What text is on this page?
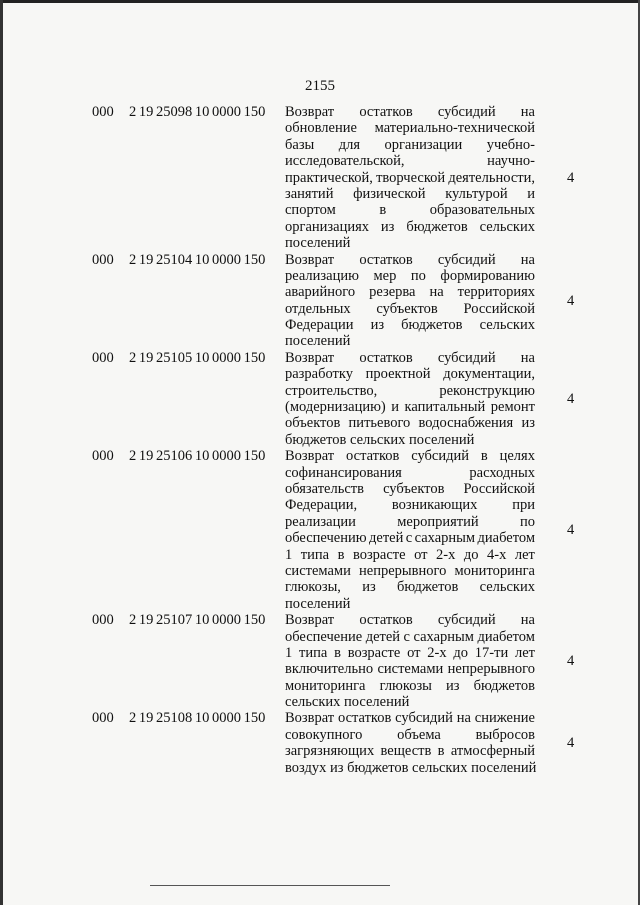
2155
000 2 19 25098 10 0000 150 Возврат остатков субсидий на
обновление материально-технической
базы для организации учебно-
исследовательской,	научно-
практической, творческой деятельности,
занятий физической культурой и
спортом	в	образовательных
организациях из бюджетов сельских
поселений
4
000 2 19 25104 10 0000 150 Возврат остатков субсидий на
реализацию мер по формированию
аварийного резерва на территориях
отдельных субъектов Российской
Федерации из бюджетов сельских
поселений
4
000 2 19 25105 10 0000 150 Возврат остатков субсидий на
разработку проектной документации,
строительство,	реконструкцию
(модернизацию) и капитальный ремонт
объектов питьевого водоснабжения из
бюджетов сельских поселений
4
000 2 19 25106 10 0000 150 Возврат остатков субсидий в целях
софинансирования	расходных
обязательств субъектов Российской
Федерации, возникающих при
реализации	мероприятий	по
обеспечению детей с сахарным диабетом
1 типа в возрасте от 2-х до 4-х лет
системами непрерывного мониторинга
глюкозы, из бюджетов сельских
поселений
4
000 2 19 25107 10 0000 150 Возврат остатков субсидий на
обеспечение детей с сахарным диабетом
1 типа в возрасте от 2-х до 17-ти лет
включительно системами непрерывного
мониторинга глюкозы из бюджетов
сельских поселений
4
000 2 19 25108 10 0000 150 Возврат остатков субсидий на снижение
совокупного объема выбросов
загрязняющих веществ в атмосферный
воздух из бюджетов сельских поселений
4
